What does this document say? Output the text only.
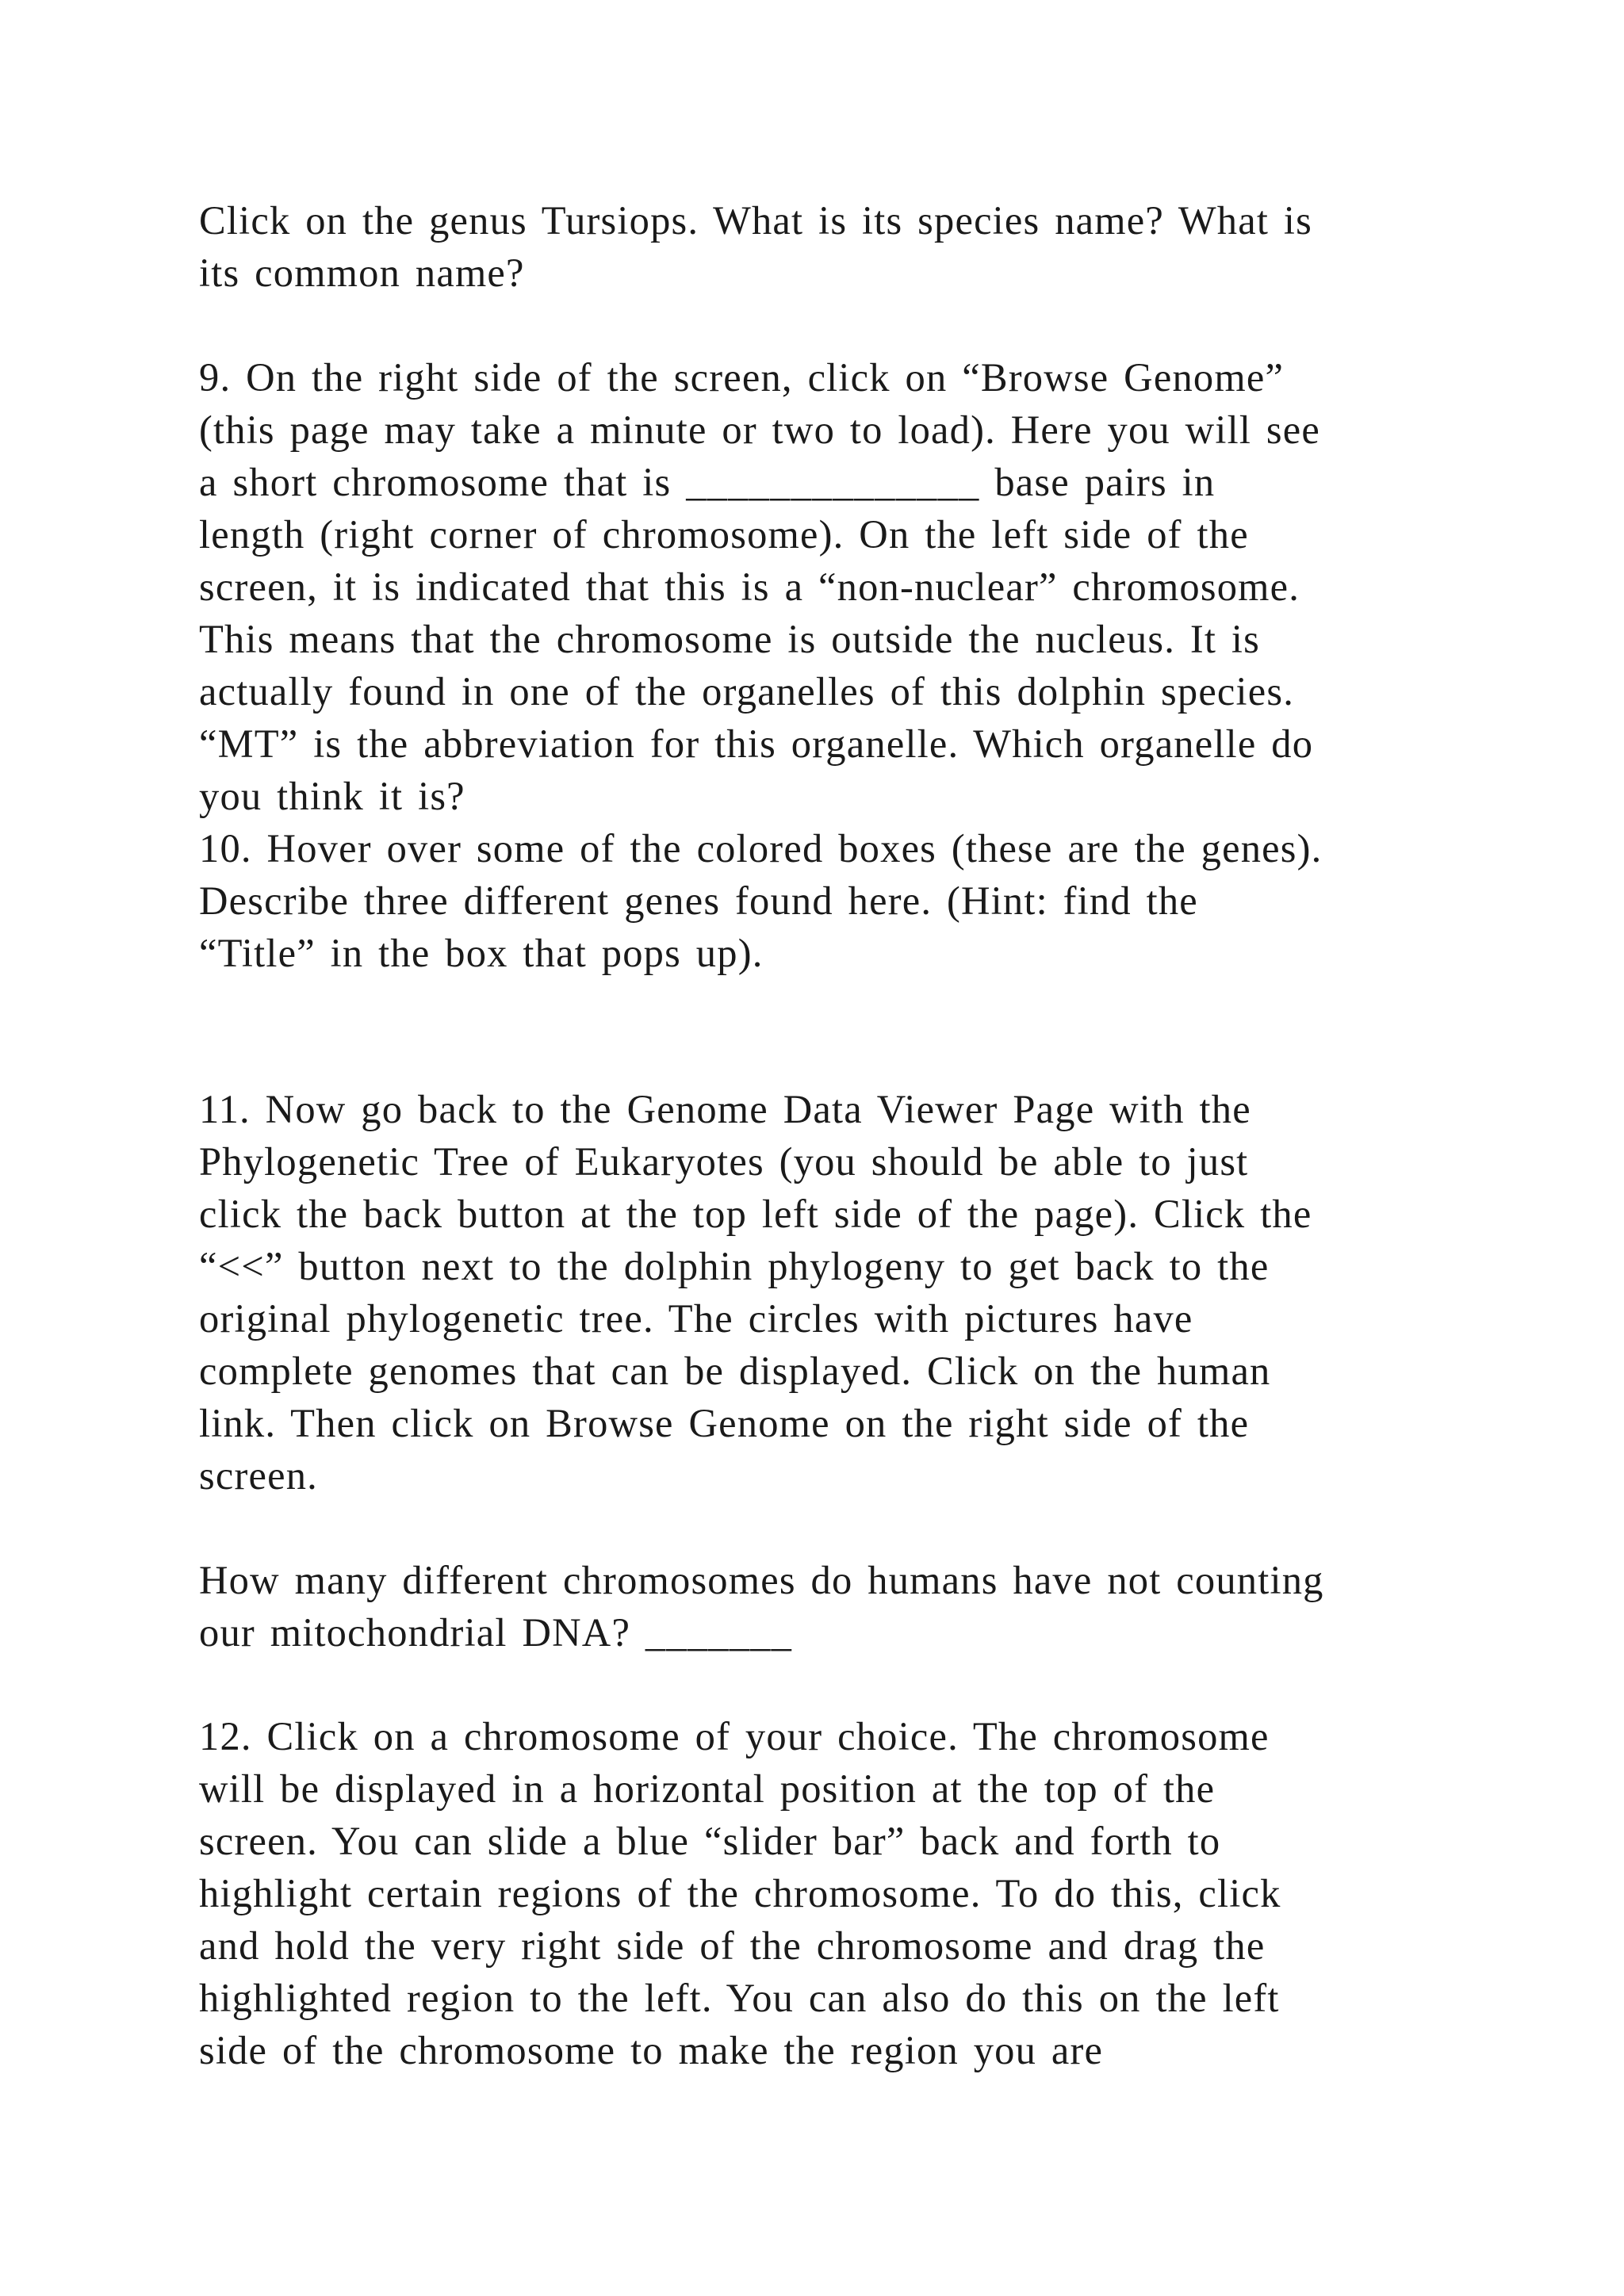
Click on the genus Tursiops. What is its species name? What is
its common name?

9. On the right side of the screen, click on “Browse Genome”
(this page may take a minute or two to load). Here you will see
a short chromosome that is ______________ base pairs in
length (right corner of chromosome). On the left side of the
screen, it is indicated that this is a “non-nuclear” chromosome.
This means that the chromosome is outside the nucleus. It is
actually found in one of the organelles of this dolphin species.
“MT” is the abbreviation for this organelle. Which organelle do
you think it is?
10. Hover over some of the colored boxes (these are the genes).
Describe three different genes found here. (Hint: find the
“Title” in the box that pops up).

11. Now go back to the Genome Data Viewer Page with the
Phylogenetic Tree of Eukaryotes (you should be able to just
click the back button at the top left side of the page). Click the
“<<” button next to the dolphin phylogeny to get back to the
original phylogenetic tree. The circles with pictures have
complete genomes that can be displayed. Click on the human
link. Then click on Browse Genome on the right side of the
screen.

How many different chromosomes do humans have not counting
our mitochondrial DNA? _______

12. Click on a chromosome of your choice. The chromosome
will be displayed in a horizontal position at the top of the
screen. You can slide a blue “slider bar” back and forth to
highlight certain regions of the chromosome. To do this, click
and hold the very right side of the chromosome and drag the
highlighted region to the left. You can also do this on the left
side of the chromosome to make the region you are
